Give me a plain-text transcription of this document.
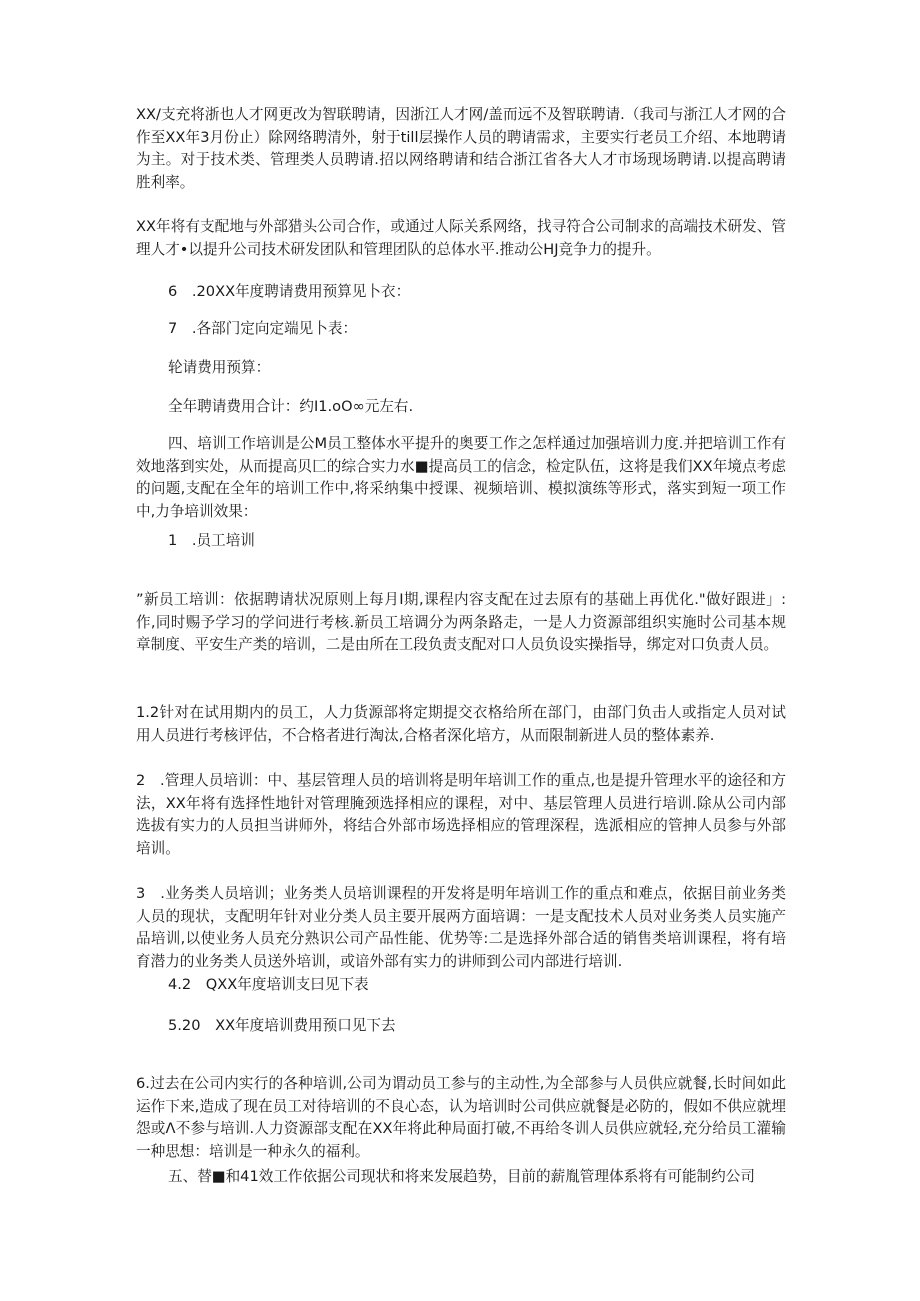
XX/支充将浙也人才网更改为智联聘请，因浙江人才网/盖而远不及智联聘请.（我司与浙江人才网的合作至XX年3月份止）除网络聘清外，射于till层操作人员的聘请需求，主要实行老员工介绍、本地聘请为主。对于技术类、管理类人员聘请.招以网络聘请和结合浙江省各大人才市场现场聘请.以提高聘请胜利率。

XX年将有支配地与外部猎头公司合作，或通过人际关系网络，找寻符合公司制求的高端技术研发、管理人才•以提升公司技术研发团队和管理团队的总体水平.推动公HJ竞争力的提升。

6　.20XX年度聘请费用预算见卜衣：

7　.各部门定向定端见卜表：

轮请费用预算：

全年聘请费用合计：约I1.oO∞元左右.

四、培训工作培训是公M员工整体水平提升的奥要工作之怎样通过加强培训力度.并把培训工作有效地落到实处，从而提高贝匚的综合实力水■提高员工的信念，检定队伍，这将是我们XX年境点考虑的问题,支配在全年的培训工作中,将采纳集中授课、视频培训、模拟演练等形式，落实到短一项工作中,力争培训效果：

1　.员工培训

”新员工培训：依据聘请状况原则上每月I期,课程内容支配在过去原有的基础上再优化."做好跟进」:作,同时赐予学习的学问进行考核.新员工培调分为两条路走，一是人力资源部组织实施时公司基本规章制度、平安生产类的培训，二是由所在工段负责支配对口人员负设实操指导，绑定对口负责人员。

1.2针对在试用期内的员工，人力货源部将定期提交衣格给所在部门，由部门负击人或指定人员对试用人员进行考核评估，不合格者进行淘汰,合格者深化培方，从而限制新进人员的整体素养.

2　.管理人员培训：中、基层管理人员的培训将是明年培训工作的重点,也是提升管理水平的途径和方法，XX年将有选择性地针对管理腌颈选择相应的课程，对中、基层管理人员进行培训.除从公司内部选拔有实力的人员担当讲师外，将结合外部市场选择相应的管理深程，选派相应的管抻人员参与外部培训。

3　.业务类人员培训；业务类人员培训课程的开发将是明年培训工作的重点和难点，依据目前业务类人员的现状，支配明年针对业分类人员主要开展两方面培调：一是支配技术人员对业务类人员实施产品培训,以使业务人员充分熟识公司产品性能、优势等:二是选择外部合适的销售类培训课程，将有培育潜力的业务类人员送外培训，或谙外部有实力的讲师到公司内部进行培训.

4.2　QXX年度培训支曰见下表

5.20　XX年度培训费用预口见下去

6.过去在公司内实行的各种培训,公司为谓动员工参与的主动性,为全部参与人员供应就餐,长时间如此运作下来,造成了现在员工对待培训的不良心态，认为培训时公司供应就餐是必防的，假如不供应就埋怨或Λ不参与培训.人力资源部支配在XX年将此种局面打破,不再给冬训人员供应就轻,充分给员工灌输一种思想：培训是一种永久的福利。

五、替■和41效工作依据公司现状和将来发展趋势，目前的薪胤管理体系将有可能制约公司
